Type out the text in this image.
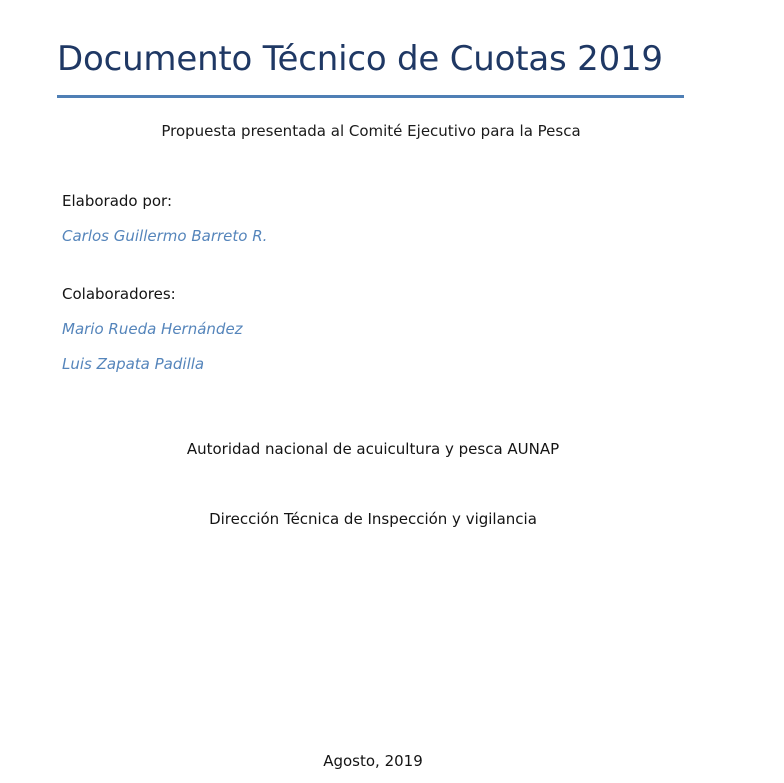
Documento Técnico de Cuotas 2019
Propuesta presentada al Comité Ejecutivo para la Pesca

Elaborado por:

Carlos Guillermo Barreto R.

Colaboradores:

Mario Rueda Hernández

Luis Zapata Padilla

Autoridad nacional de acuicultura y pesca AUNAP
Dirección Técnica de Inspección y vigilancia
Agosto, 2019
